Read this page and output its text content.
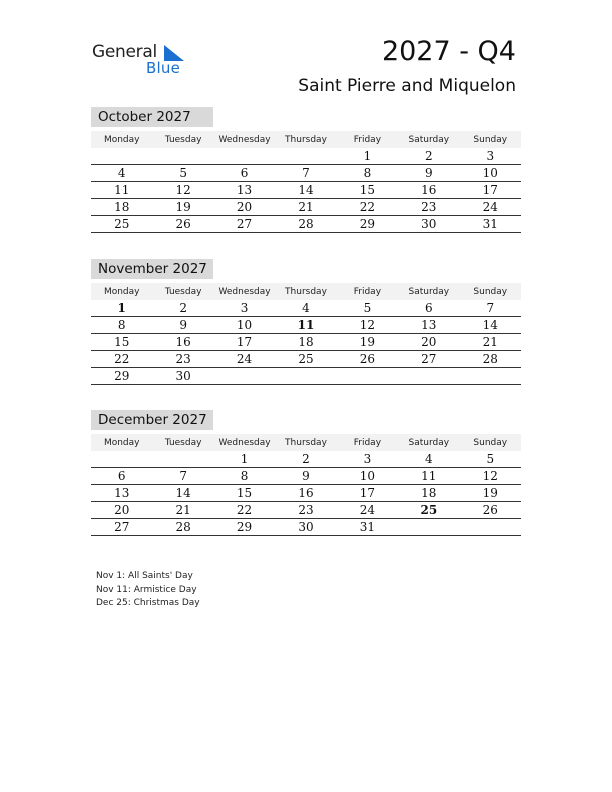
General
Blue
2027 - Q4
Saint Pierre and Miquelon
October 2027
Monday	Tuesday	Wednesday	Thursday	Friday	Saturday	Sunday
				1	2	3
4	5	6	7	8	9	10
11	12	13	14	15	16	17
18	19	20	21	22	23	24
25	26	27	28	29	30	31
November 2027
Monday	Tuesday	Wednesday	Thursday	Friday	Saturday	Sunday
1	2	3	4	5	6	7
8	9	10	11	12	13	14
15	16	17	18	19	20	21
22	23	24	25	26	27	28
29	30					
December 2027
Monday	Tuesday	Wednesday	Thursday	Friday	Saturday	Sunday
		1	2	3	4	5
6	7	8	9	10	11	12
13	14	15	16	17	18	19
20	21	22	23	24	25	26
27	28	29	30	31		
Nov 1: All Saints' Day
Nov 11: Armistice Day
Dec 25: Christmas Day
